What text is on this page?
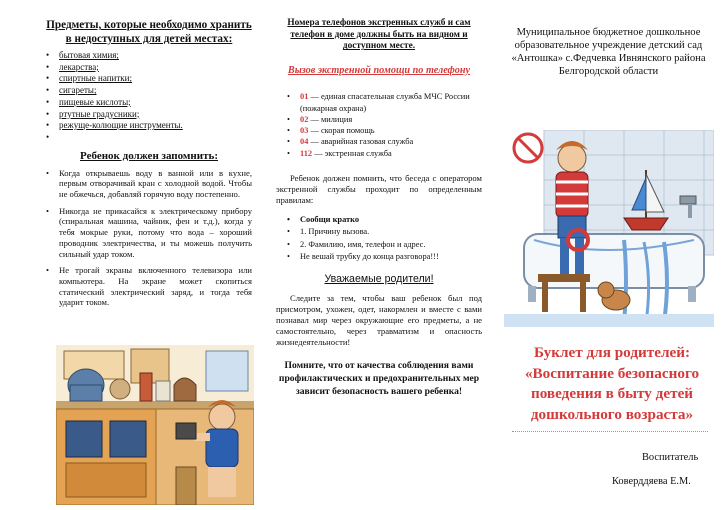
Предметы, которые необходимо хранить в недоступных для детей местах:

• бытовая химия;
• лекарства;
• спиртные напитки;
• сигареты;
• пищевые кислоты;
• ртутные градусники;
• режуще-колющие инструменты.
•

Ребенок должен запомнить:

• Когда открываешь воду в ванной или в кухне, первым отворачивай кран с холодной водой. Чтобы не обжечься, добавляй горячую воду постепенно.
• Никогда не прикасайся к электрическому прибору (спиральная машина, чайник, фен и т.д.), когда у тебя мокрые руки, потому что вода – хороший проводник электричества, и ты можешь получить сильный удар током.
• Не трогай экраны включенного телевизора или компьютера. На экране может скопиться статический электрический заряд, и тогда тебя ударит током.

Номера телефонов экстренных служб и сам телефон в доме должны быть на видном и доступном месте.

Вызов экстренной помощи по телефону

• 01 — единая спасательная служба МЧС России (пожарная охрана)
• 02 — милиция
• 03 — скорая помощь
• 04 — аварийная газовая служба
• 112 — экстренная служба

Ребенок должен помнить, что беседа с оператором экстренной службы проходит по определенным правилам:

• Сообщи кратко
• 1. Причину вызова.
• 2. Фамилию, имя, телефон и адрес.
• Не вешай трубку до конца разговора!!!

Уважаемые родители!

Следите за тем, чтобы ваш ребенок был под присмотром, ухожен, одет, накормлен и вместе с вами познавал мир через окружающие его предметы, а не самостоятельно, через травматизм и опасность жизнедеятельности!

Помните, что от качества соблюдения вами профилактических и предохранительных мер зависит безопасность вашего ребенка!

Муниципальное бюджетное дошкольное образовательное учреждение детский сад «Антошка» с.Федчевка Ивнянского района Белгородской области

Буклет для родителей:
«Воспитание безопасного поведения в быту детей дошкольного возраста»
Воспитатель
Коверддяева Е.М.
